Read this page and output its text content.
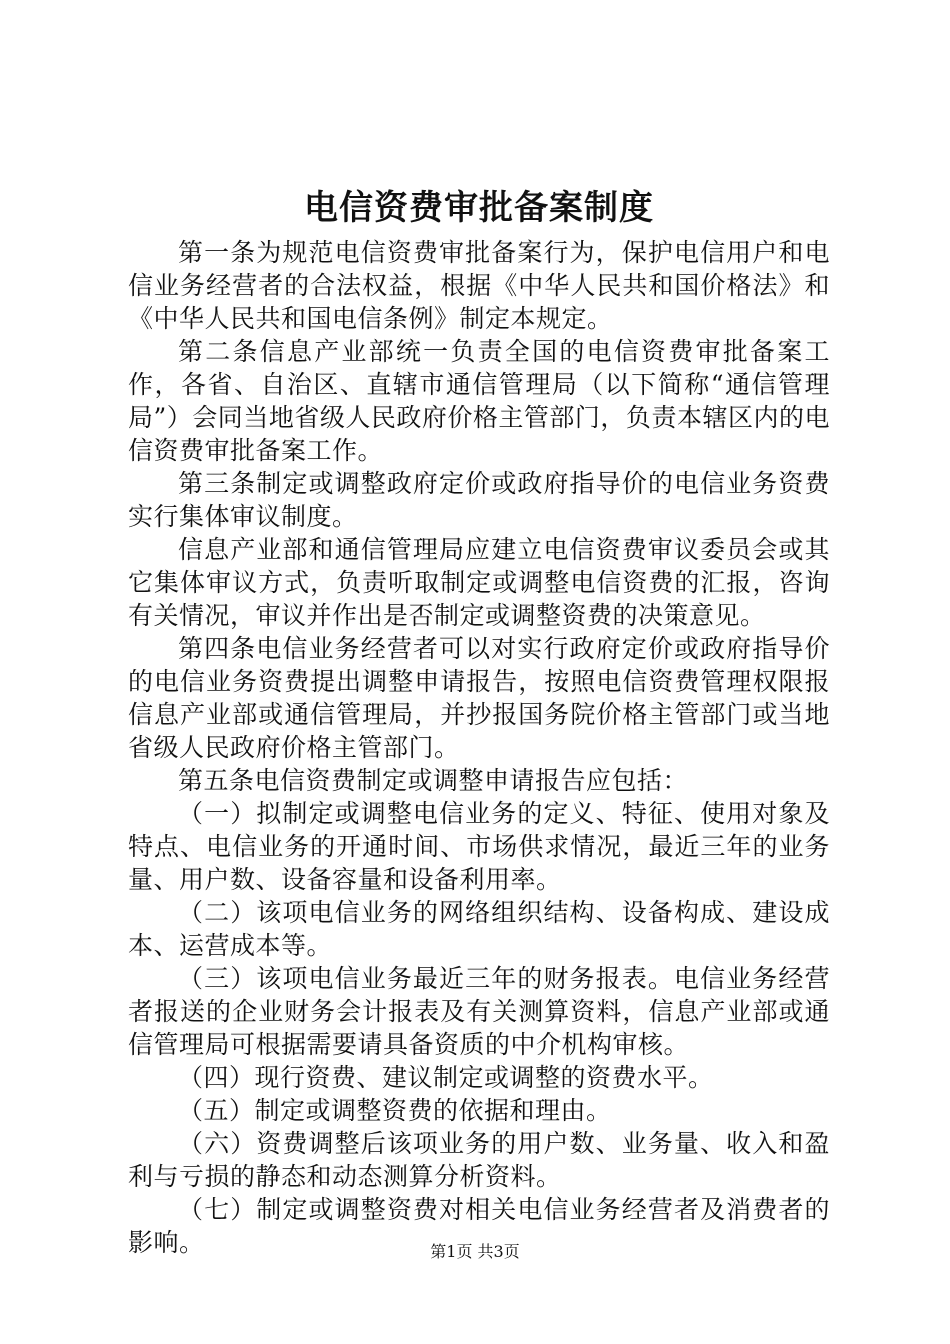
电信资费审批备案制度

第一条为规范电信资费审批备案行为，保护电信用户和电信业务经营者的合法权益，根据《中华人民共和国价格法》和《中华人民共和国电信条例》制定本规定。

第二条信息产业部统一负责全国的电信资费审批备案工作，各省、自治区、直辖市通信管理局（以下简称“通信管理局”）会同当地省级人民政府价格主管部门，负责本辖区内的电信资费审批备案工作。

第三条制定或调整政府定价或政府指导价的电信业务资费实行集体审议制度。

信息产业部和通信管理局应建立电信资费审议委员会或其它集体审议方式，负责听取制定或调整电信资费的汇报，咨询有关情况，审议并作出是否制定或调整资费的决策意见。

第四条电信业务经营者可以对实行政府定价或政府指导价的电信业务资费提出调整申请报告，按照电信资费管理权限报信息产业部或通信管理局，并抄报国务院价格主管部门或当地省级人民政府价格主管部门。

第五条电信资费制定或调整申请报告应包括：

（一）拟制定或调整电信业务的定义、特征、使用对象及特点、电信业务的开通时间、市场供求情况，最近三年的业务量、用户数、设备容量和设备利用率。

（二）该项电信业务的网络组织结构、设备构成、建设成本、运营成本等。

（三）该项电信业务最近三年的财务报表。电信业务经营者报送的企业财务会计报表及有关测算资料，信息产业部或通信管理局可根据需要请具备资质的中介机构审核。

（四）现行资费、建议制定或调整的资费水平。

（五）制定或调整资费的依据和理由。

（六）资费调整后该项业务的用户数、业务量、收入和盈利与亏损的静态和动态测算分析资料。

（七）制定或调整资费对相关电信业务经营者及消费者的影响。	第1页 共3页
